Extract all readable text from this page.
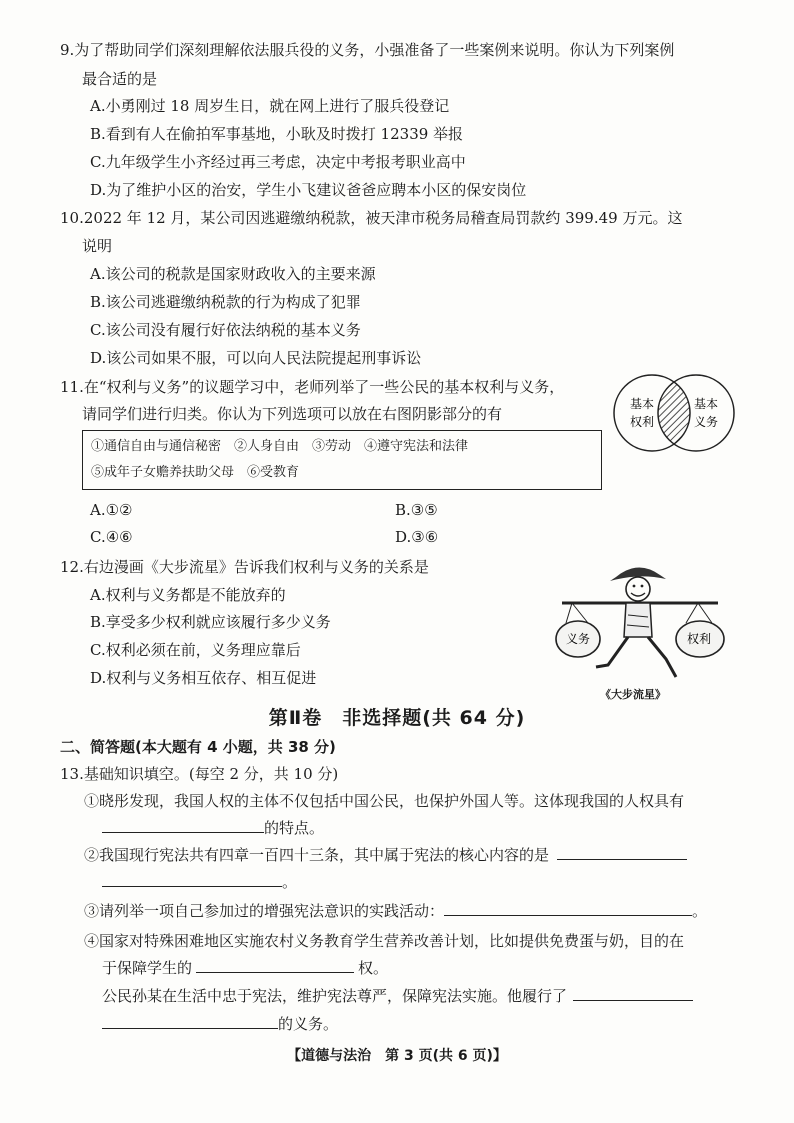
9.为了帮助同学们深刻理解依法服兵役的义务，小强准备了一些案例来说明。你认为下列案例
最合适的是
A.小勇刚过 18 周岁生日，就在网上进行了服兵役登记
B.看到有人在偷拍军事基地，小耿及时拨打 12339 举报
C.九年级学生小齐经过再三考虑，决定中考报考职业高中
D.为了维护小区的治安，学生小飞建议爸爸应聘本小区的保安岗位
10.2022 年 12 月，某公司因逃避缴纳税款，被天津市税务局稽查局罚款约 399.49 万元。这
说明
A.该公司的税款是国家财政收入的主要来源
B.该公司逃避缴纳税款的行为构成了犯罪
C.该公司没有履行好依法纳税的基本义务
D.该公司如果不服，可以向人民法院提起刑事诉讼
11.在“权利与义务”的议题学习中，老师列举了一些公民的基本权利与义务，
请同学们进行归类。你认为下列选项可以放在右图阴影部分的有
基本
权利
基本
义务
①通信自由与通信秘密　②人身自由　③劳动　④遵守宪法和法律
⑤成年子女赡养扶助父母　⑥受教育
A.①②	B.③⑤
C.④⑥	D.③⑥
12.右边漫画《大步流星》告诉我们权利与义务的关系是
A.权利与义务都是不能放弃的
B.享受多少权利就应该履行多少义务
C.权利必须在前，义务理应靠后
D.权利与义务相互依存、相互促进
义务	权利
《大步流星》
第Ⅱ卷　非选择题(共 64 分)
二、简答题(本大题有 4 小题，共 38 分)
13.基础知识填空。(每空 2 分，共 10 分)
①晓彤发现，我国人权的主体不仅包括中国公民，也保护外国人等。这体现我国的人权具有
的特点。
②我国现行宪法共有四章一百四十三条，其中属于宪法的核心内容的是
。
③请列举一项自己参加过的增强宪法意识的实践活动：	。
④国家对特殊困难地区实施农村义务教育学生营养改善计划，比如提供免费蛋与奶，目的在
于保障学生的	权。
公民孙某在生活中忠于宪法，维护宪法尊严，保障宪法实施。他履行了
的义务。
【道德与法治　第 3 页(共 6 页)】
